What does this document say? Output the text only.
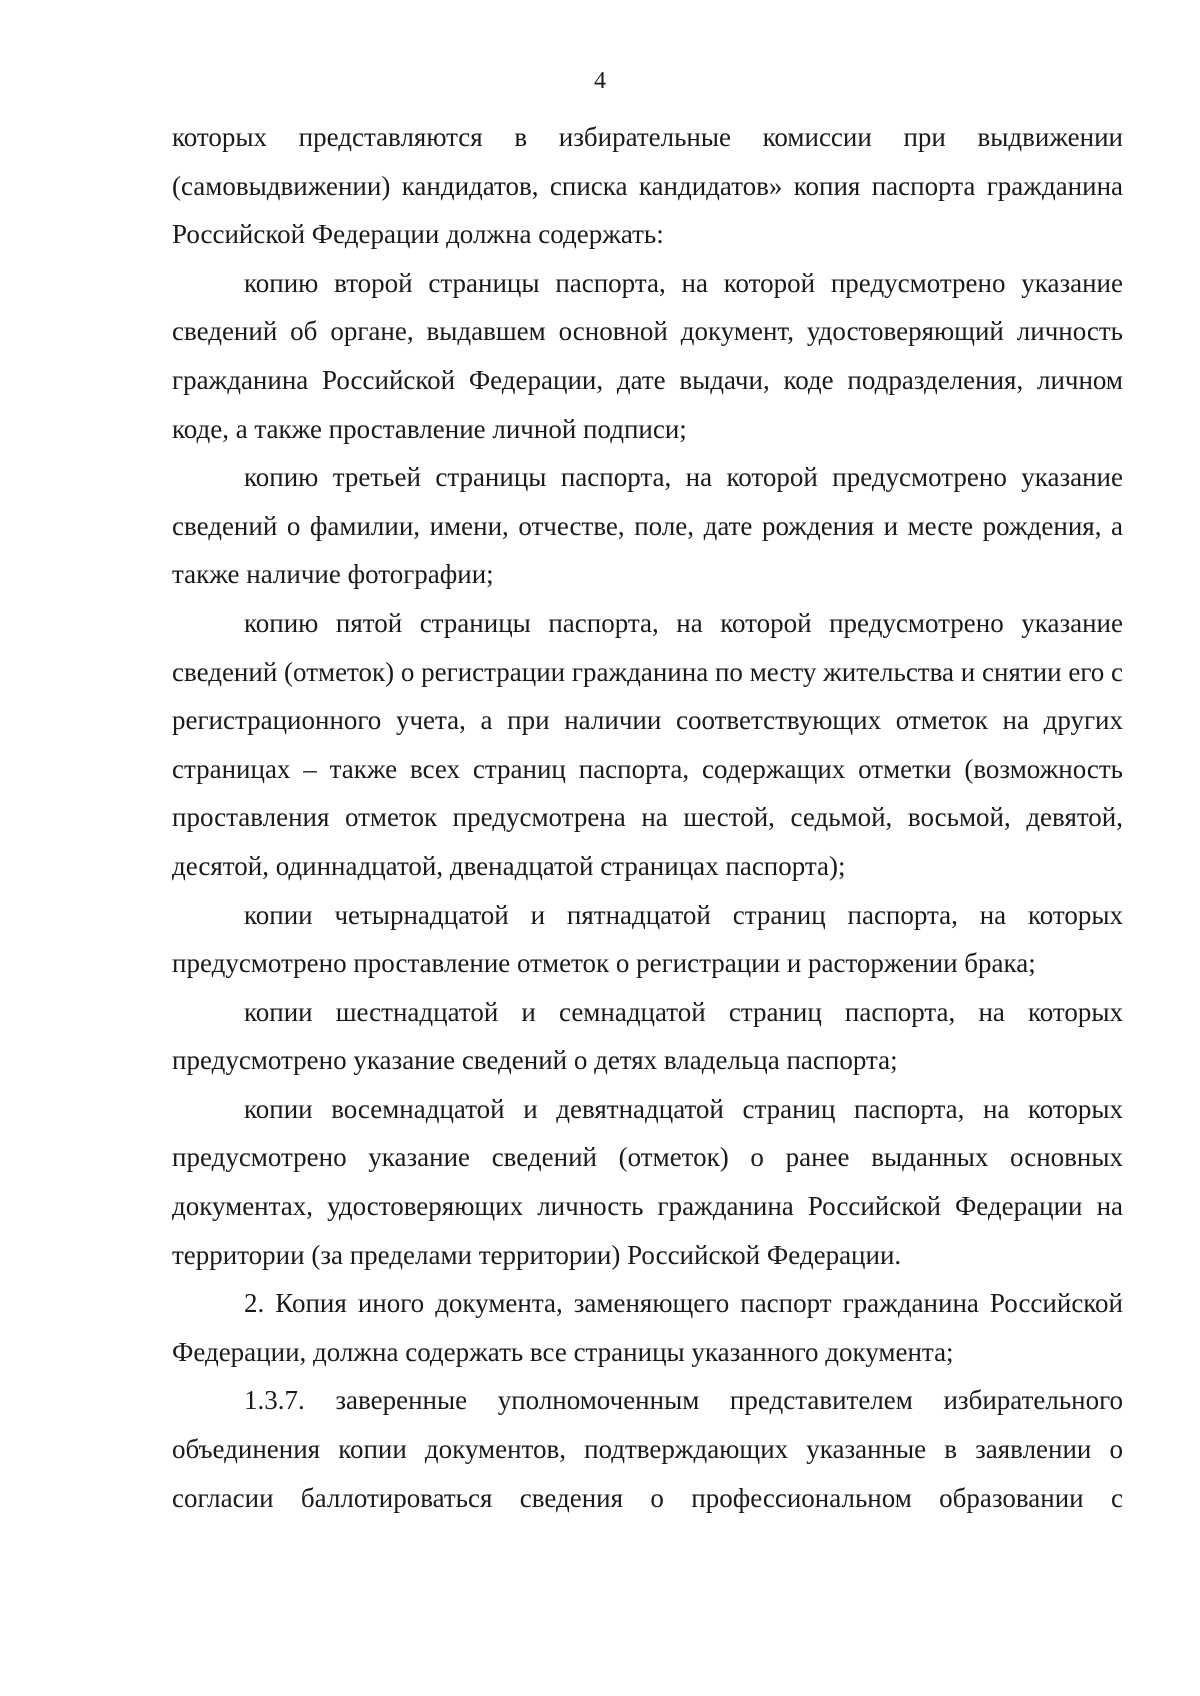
4

которых представляются в избирательные комиссии при выдвижении (самовыдвижении) кандидатов, списка кандидатов» копия паспорта гражданина Российской Федерации должна содержать:

копию второй страницы паспорта, на которой предусмотрено указание сведений об органе, выдавшем основной документ, удостоверяющий личность гражданина Российской Федерации, дате выдачи, коде подразделения, личном коде, а также проставление личной подписи;

копию третьей страницы паспорта, на которой предусмотрено указание сведений о фамилии, имени, отчестве, поле, дате рождения и месте рождения, а также наличие фотографии;

копию пятой страницы паспорта, на которой предусмотрено указание сведений (отметок) о регистрации гражданина по месту жительства и снятии его с регистрационного учета, а при наличии соответствующих отметок на других страницах – также всех страниц паспорта, содержащих отметки (возможность проставления отметок предусмотрена на шестой, седьмой, восьмой, девятой, десятой, одиннадцатой, двенадцатой страницах паспорта);

копии четырнадцатой и пятнадцатой страниц паспорта, на которых предусмотрено проставление отметок о регистрации и расторжении брака;

копии шестнадцатой и семнадцатой страниц паспорта, на которых предусмотрено указание сведений о детях владельца паспорта;

копии восемнадцатой и девятнадцатой страниц паспорта, на которых предусмотрено указание сведений (отметок) о ранее выданных основных документах, удостоверяющих личность гражданина Российской Федерации на территории (за пределами территории) Российской Федерации.

2. Копия иного документа, заменяющего паспорт гражданина Российской Федерации, должна содержать все страницы указанного документа;

1.3.7. заверенные уполномоченным представителем избирательного объединения копии документов, подтверждающих указанные в заявлении о согласии баллотироваться сведения о профессиональном образовании с
